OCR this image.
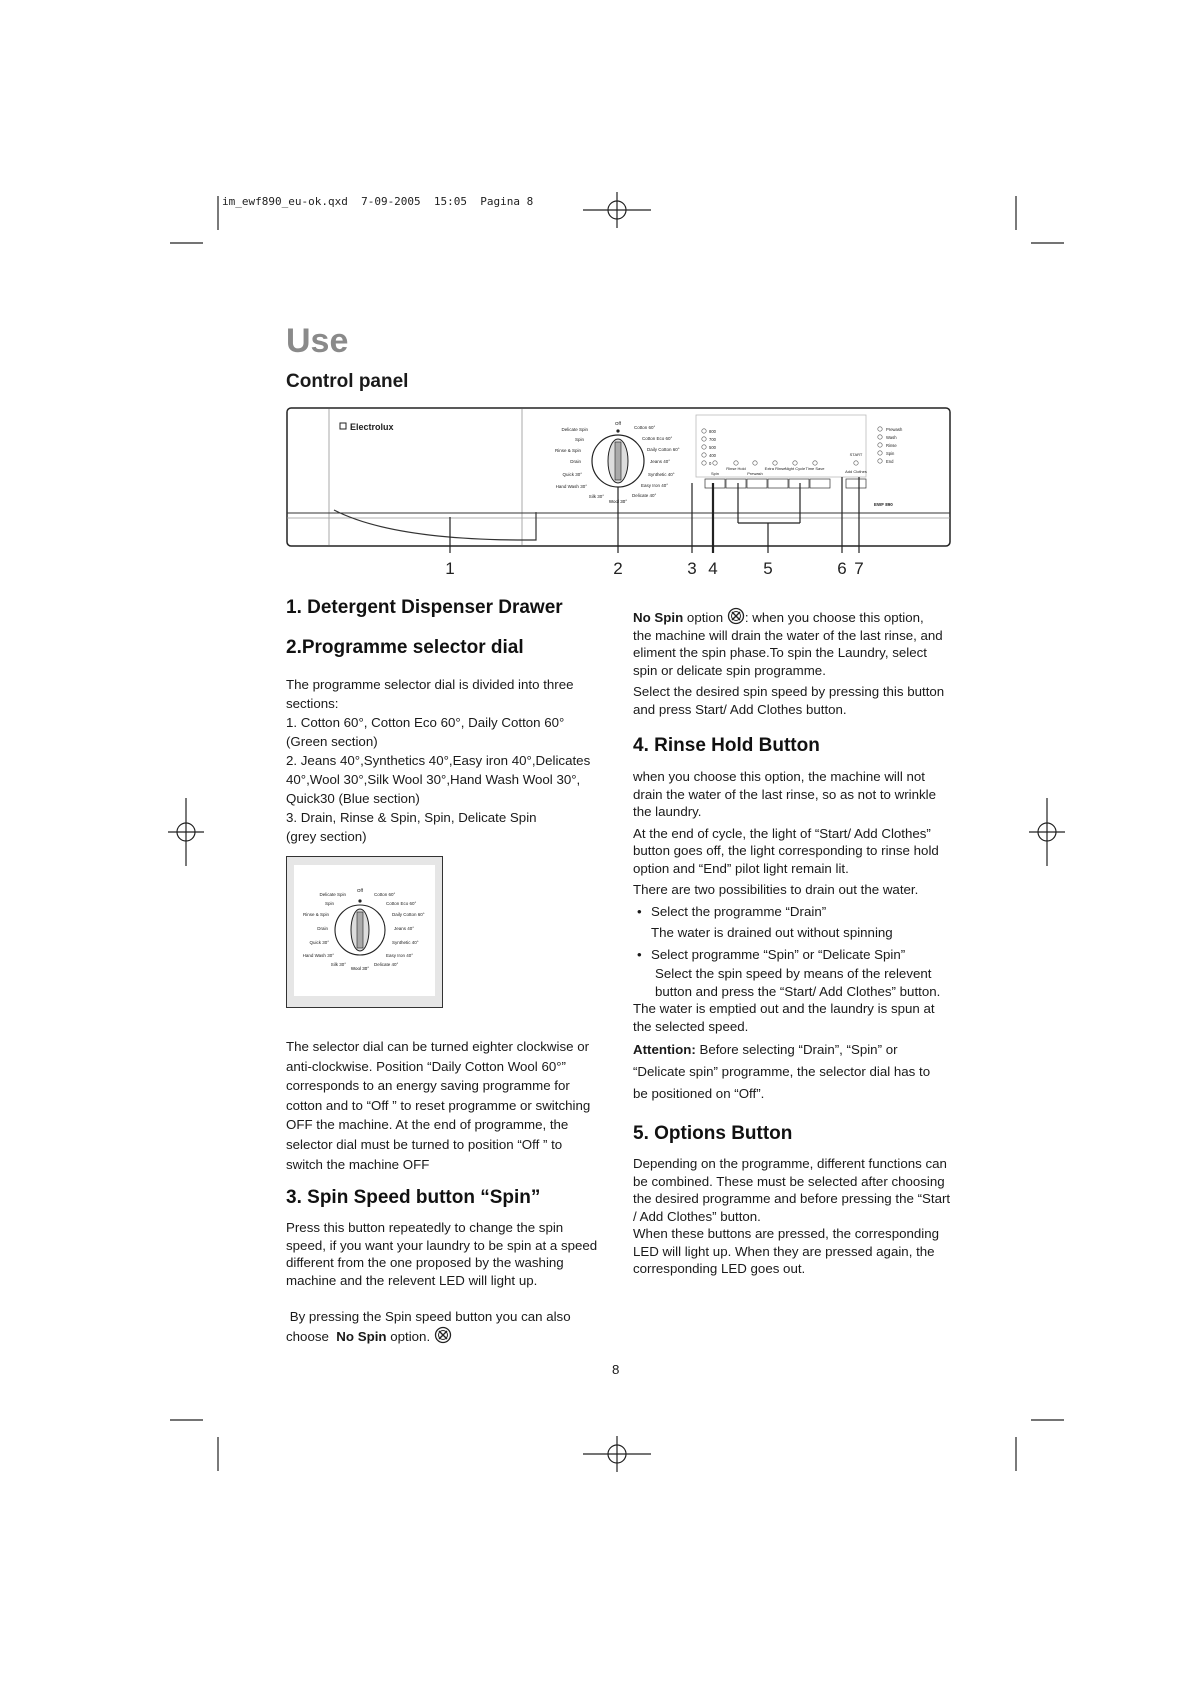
im_ewf890_eu-ok.qxd  7-09-2005  15:05  Pagina 8
Use
Control panel
Electrolux	Off
Delicate Spin
Spin
Rinse & Spin
Drain
Quick 30°
Hand Wash 30°
Silk 30°
Cotton 60°
Cotton Eco 60°
Daily Cotton 60°
Jeans 40°
Synthetic 40°
Easy Iron 40°
Delicate 40°
Wool 30°
800
700
500
400
0
Spin
Rinse Hold
Prewash
Extra Rinse Night Cycle Time Save
START
Add Clothes
Prewash
Wash
Rinse
Spin
End
EWF 890
1	2	3 4	5	6 7
1. Detergent Dispenser Drawer
2.Programme selector dial

The programme selector dial is divided into three

sections:

1. Cotton 60°, Cotton Eco 60°, Daily Cotton 60°

(Green section)

2. Jeans 40°,Synthetics 40°,Easy iron 40°,Delicates

40°,Wool 30°,Silk Wool 30°,Hand Wash Wool 30°,

Quick30 (Blue section)

3. Drain, Rinse & Spin, Spin, Delicate Spin

(grey section)

Off
Delicate Spin
Spin
Rinse & Spin
Drain
Quick 30°
Hand Wash 30°
Silk 30°
Cotton 60°
Cotton Eco 60°
Daily Cotton 60°
Jeans 40°
Synthetic 40°
Easy Iron 40°
Delicate 40°
Wool 30°

The selector dial can be turned eighter clockwise or

anti-clockwise. Position “Daily Cotton Wool 60°”

corresponds to an energy saving programme for

cotton and to “Off ” to reset programme or switching

OFF the machine. At the end of programme, the

selector dial must be turned to position “Off ” to

switch the machine OFF

3. Spin Speed button “Spin”

Press this button repeatedly to change the spin

speed, if you want your laundry to be spin at a speed

different from the one proposed by the washing

machine and the relevent LED will light up.

By pressing the Spin speed button you can also

choose  No Spin option.

No Spin option : when you choose this option,

the machine will drain the water of the last rinse, and

eliment the spin phase.To spin the Laundry, select

spin or delicate spin programme.

Select the desired spin speed by pressing this button

and press Start/ Add Clothes button.

4. Rinse Hold Button

when you choose this option, the machine will not

drain the water of the last rinse, so as not to wrinkle

the laundry.

At the end of cycle, the light of “Start/ Add Clothes”

button goes off, the light corresponding to rinse hold

option and “End” pilot light remain lit.

There are two possibilities to drain out the water.

• Select the programme “Drain”

The water is drained out without spinning

• Select programme “Spin” or “Delicate Spin”

Select the spin speed by means of the relevent

button and press the “Start/ Add Clothes” button.

The water is emptied out and the laundry is spun at

the selected speed.

Attention: Before selecting “Drain”, “Spin” or

“Delicate spin” programme, the selector dial has to

be positioned on “Off”.

5. Options Button

Depending on the programme, different functions can

be combined. These must be selected after choosing

the desired programme and before pressing the “Start

/ Add Clothes” button.

When these buttons are pressed, the corresponding

LED will light up. When they are pressed again, the

corresponding LED goes out.

8
